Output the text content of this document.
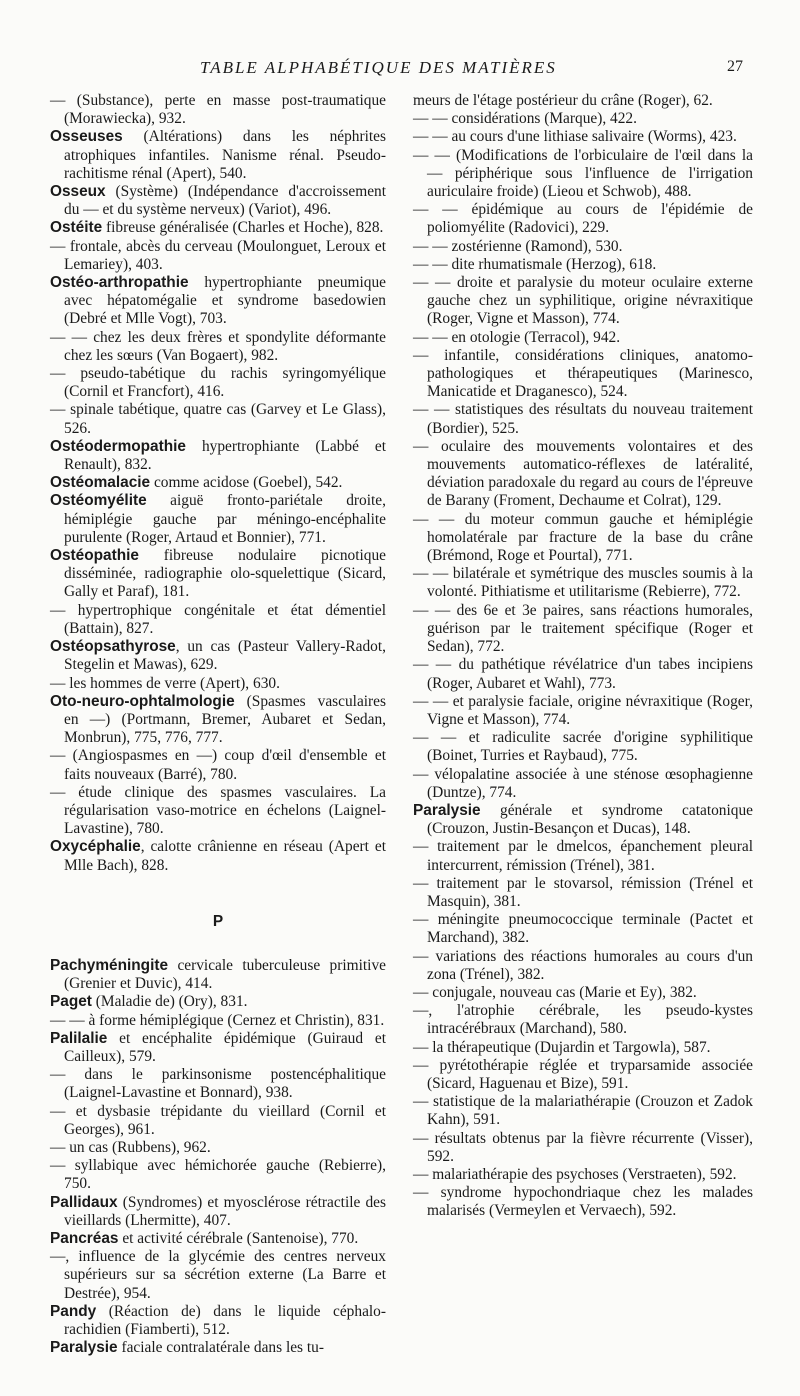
TABLE ALPHABÉTIQUE DES MATIÈRES	27

— (Substance), perte en masse post-traumatique (Morawiecka), 932.

Osseuses (Altérations) dans les néphrites atrophiques infantiles. Nanisme rénal. Pseudo-rachitisme rénal (Apert), 540.

Osseux (Système) (Indépendance d'accroissement du — et du système nerveux) (Variot), 496.

Ostéite fibreuse généralisée (Charles et Hoche), 828.

— frontale, abcès du cerveau (Moulonguet, Leroux et Lemariey), 403.

Ostéo-arthropathie hypertrophiante pneumique avec hépatomégalie et syndrome basedowien (Debré et Mlle Vogt), 703.

— — chez les deux frères et spondylite déformante chez les sœurs (Van Bogaert), 982.

— pseudo-tabétique du rachis syringomyélique (Cornil et Francfort), 416.

— spinale tabétique, quatre cas (Garvey et Le Glass), 526.

Ostéodermopathie hypertrophiante (Labbé et Renault), 832.

Ostéomalacie comme acidose (Goebel), 542.

Ostéomyélite aiguë fronto-pariétale droite, hémiplégie gauche par méningo-encéphalite purulente (Roger, Artaud et Bonnier), 771.

Ostéopathie fibreuse nodulaire picnotique disséminée, radiographie olo-squelettique (Sicard, Gally et Paraf), 181.

— hypertrophique congénitale et état démentiel (Battain), 827.

Ostéopsathyrose, un cas (Pasteur Vallery-Radot, Stegelin et Mawas), 629.

— les hommes de verre (Apert), 630.

Oto-neuro-ophtalmologie (Spasmes vasculaires en —) (Portmann, Bremer, Aubaret et Sedan, Monbrun), 775, 776, 777.

— (Angiospasmes en —) coup d'œil d'ensemble et faits nouveaux (Barré), 780.

— étude clinique des spasmes vasculaires. La régularisation vaso-motrice en échelons (Laignel-Lavastine), 780.

Oxycéphalie, calotte crânienne en réseau (Apert et Mlle Bach), 828.

P

Pachyméningite cervicale tuberculeuse primitive (Grenier et Duvic), 414.

Paget (Maladie de) (Ory), 831.

— — à forme hémiplégique (Cernez et Christin), 831.

Palilalie et encéphalite épidémique (Guiraud et Cailleux), 579.

— dans le parkinsonisme postencéphalitique (Laignel-Lavastine et Bonnard), 938.

— et dysbasie trépidante du vieillard (Cornil et Georges), 961.

— un cas (Rubbens), 962.

— syllabique avec hémichorée gauche (Rebierre), 750.

Pallidaux (Syndromes) et myosclérose rétractile des vieillards (Lhermitte), 407.

Pancréas et activité cérébrale (Santenoise), 770.

—, influence de la glycémie des centres nerveux supérieurs sur sa sécrétion externe (La Barre et Destrée), 954.

Pandy (Réaction de) dans le liquide céphalo-rachidien (Fiamberti), 512.

Paralysie faciale contralatérale dans les tu-

meurs de l'étage postérieur du crâne (Roger), 62.

— — considérations (Marque), 422.

— — au cours d'une lithiase salivaire (Worms), 423.

— — (Modifications de l'orbiculaire de l'œil dans la — périphérique sous l'influence de l'irrigation auriculaire froide) (Lieou et Schwob), 488.

— — épidémique au cours de l'épidémie de poliomyélite (Radovici), 229.

— — zostérienne (Ramond), 530.

— — dite rhumatismale (Herzog), 618.

— — droite et paralysie du moteur oculaire externe gauche chez un syphilitique, origine névraxitique (Roger, Vigne et Masson), 774.

— — en otologie (Terracol), 942.

— infantile, considérations cliniques, anatomo-pathologiques et thérapeutiques (Marinesco, Manicatide et Draganesco), 524.

— — statistiques des résultats du nouveau traitement (Bordier), 525.

— oculaire des mouvements volontaires et des mouvements automatico-réflexes de latéralité, déviation paradoxale du regard au cours de l'épreuve de Barany (Froment, Dechaume et Colrat), 129.

— — du moteur commun gauche et hémiplégie homolatérale par fracture de la base du crâne (Brémond, Roge et Pourtal), 771.

— — bilatérale et symétrique des muscles soumis à la volonté. Pithiatisme et utilitarisme (Rebierre), 772.

— — des 6e et 3e paires, sans réactions humorales, guérison par le traitement spécifique (Roger et Sedan), 772.

— — du pathétique révélatrice d'un tabes incipiens (Roger, Aubaret et Wahl), 773.

— — et paralysie faciale, origine névraxitique (Roger, Vigne et Masson), 774.

— — et radiculite sacrée d'origine syphilitique (Boinet, Turries et Raybaud), 775.

— vélopalatine associée à une sténose œsophagienne (Duntze), 774.

Paralysie générale et syndrome catatonique (Crouzon, Justin-Besançon et Ducas), 148.

— traitement par le dmelcos, épanchement pleural intercurrent, rémission (Trénel), 381.

— traitement par le stovarsol, rémission (Trénel et Masquin), 381.

— méningite pneumococcique terminale (Pactet et Marchand), 382.

— variations des réactions humorales au cours d'un zona (Trénel), 382.

— conjugale, nouveau cas (Marie et Ey), 382.

—, l'atrophie cérébrale, les pseudo-kystes intracérébraux (Marchand), 580.

— la thérapeutique (Dujardin et Targowla), 587.

— pyrétothérapie réglée et tryparsamide associée (Sicard, Haguenau et Bize), 591.

— statistique de la malariathérapie (Crouzon et Zadok Kahn), 591.

— résultats obtenus par la fièvre récurrente (Visser), 592.

— malariathérapie des psychoses (Verstraeten), 592.

— syndrome hypochondriaque chez les malades malarisés (Vermeylen et Vervaech), 592.
